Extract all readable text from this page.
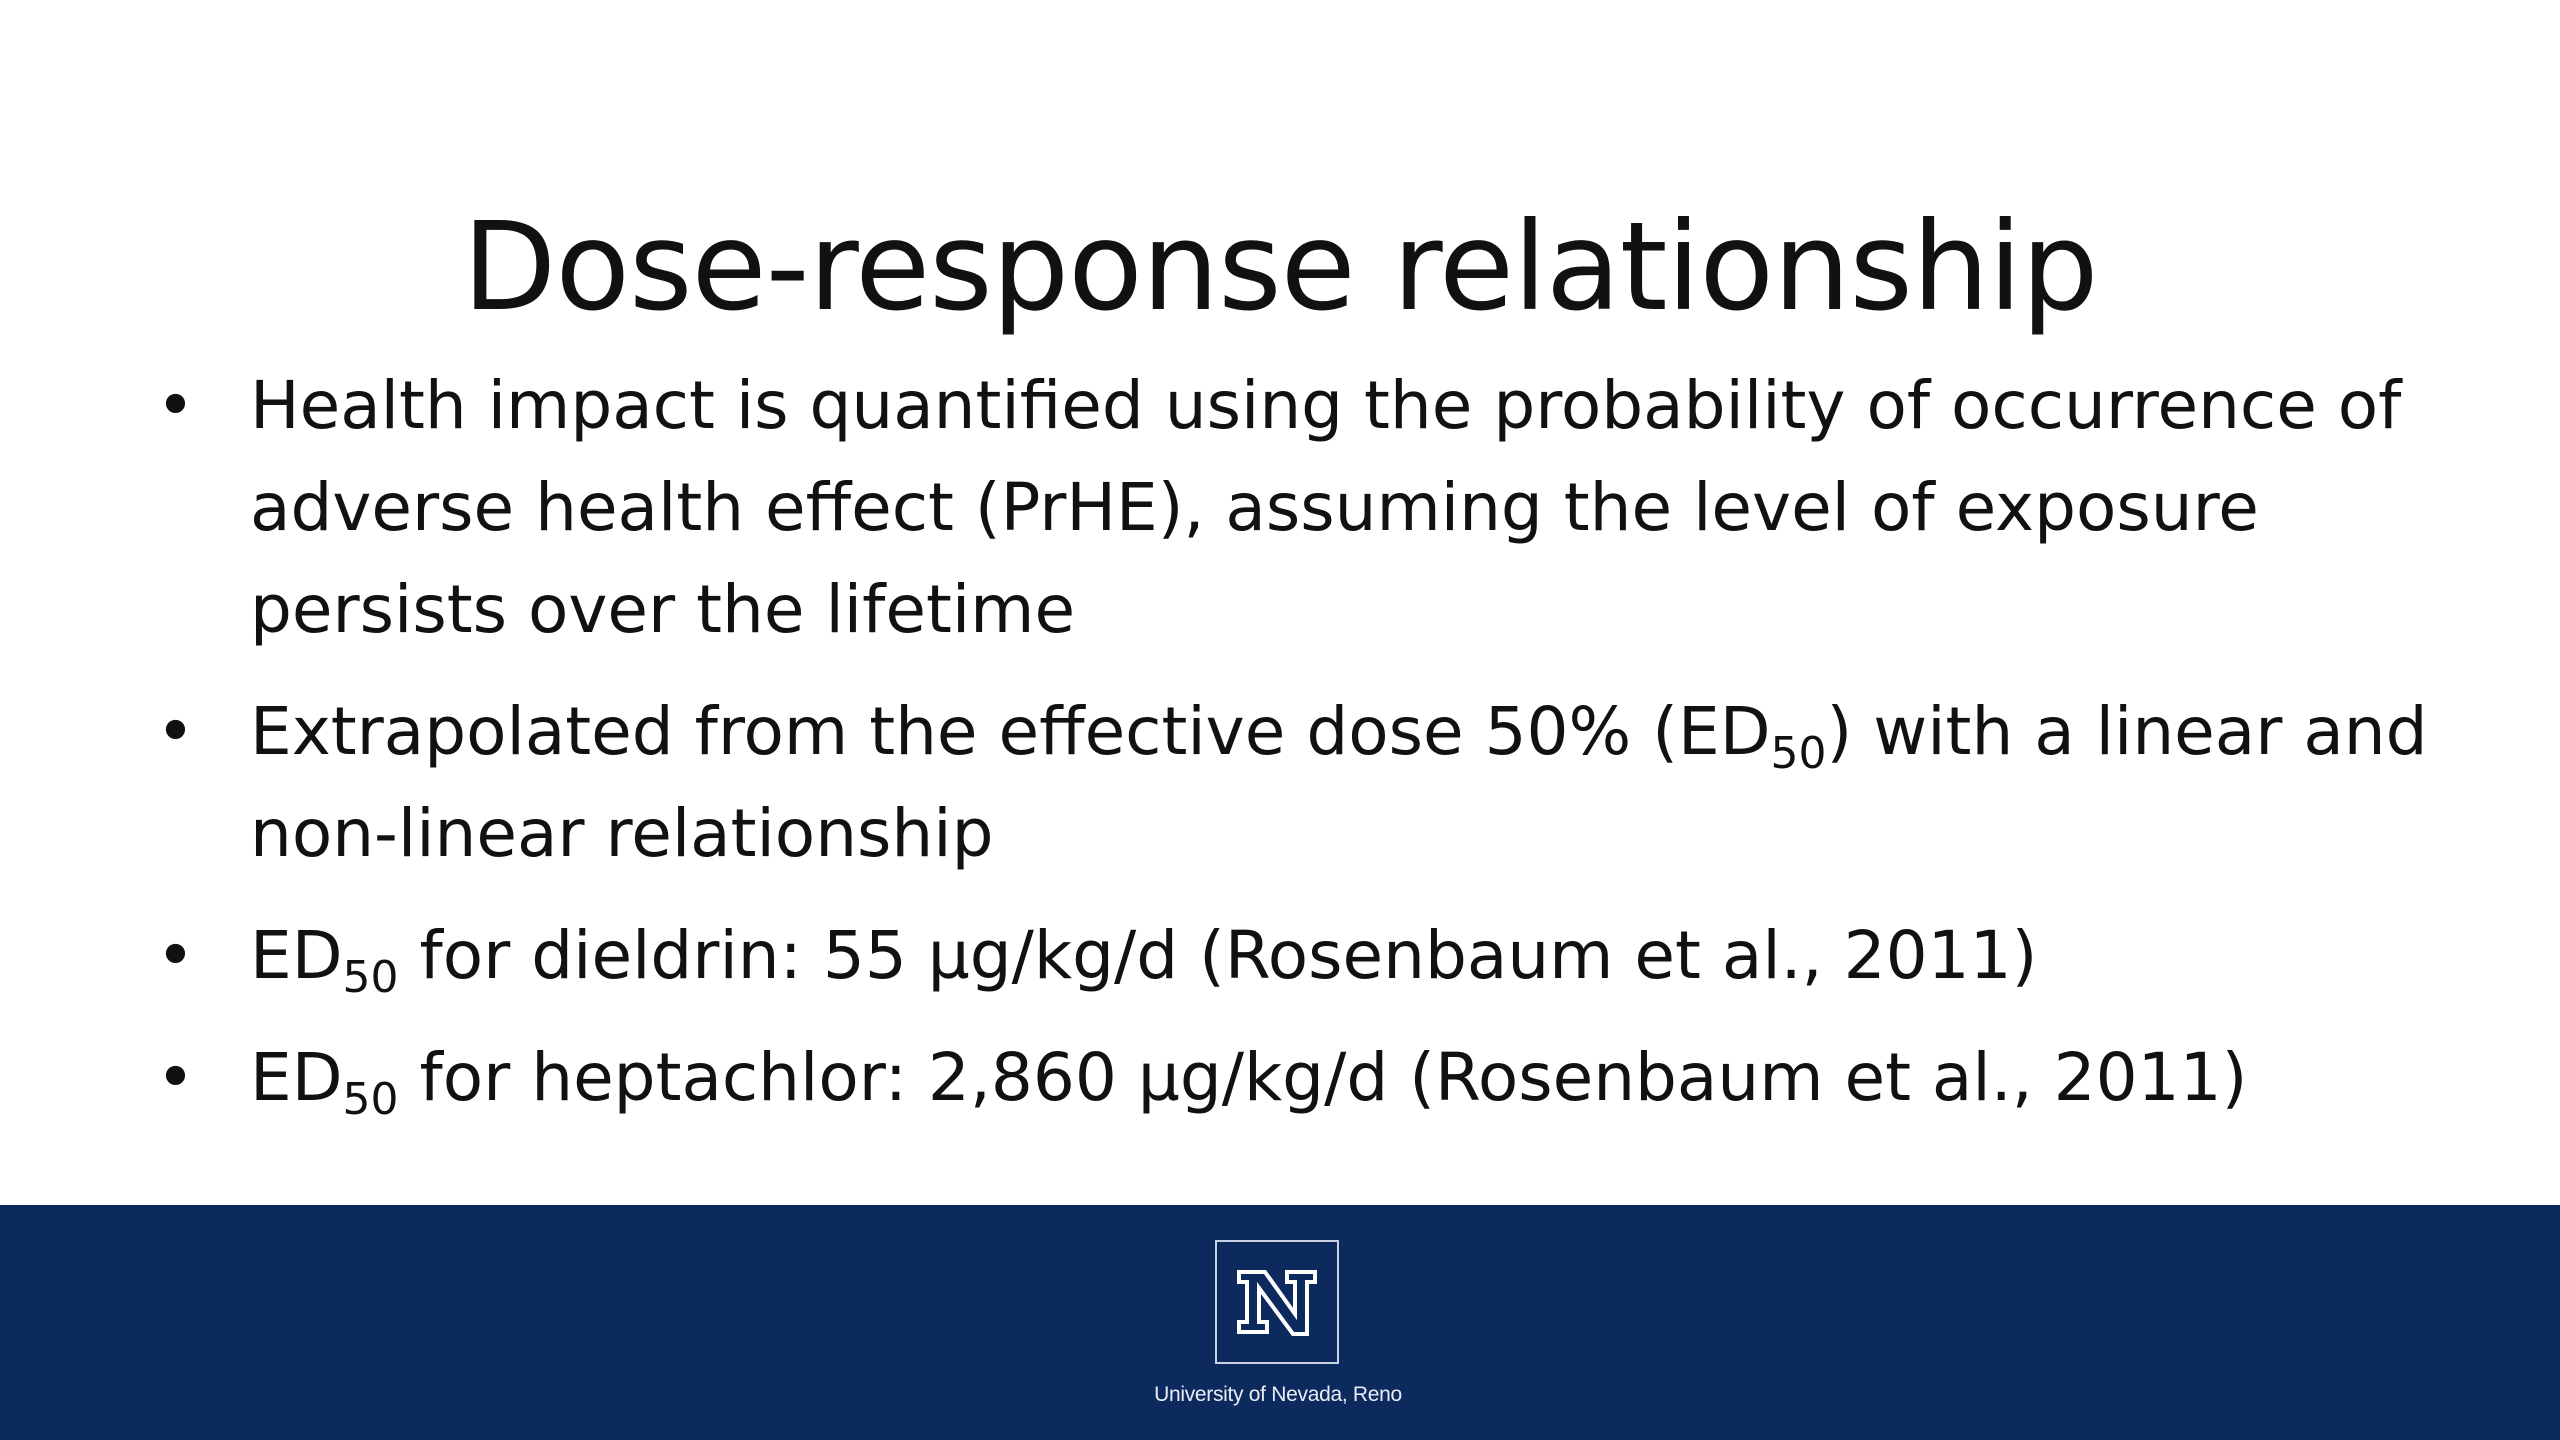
Dose-response relationship
• Health impact is quantified using the probability of occurrence of adverse health effect (PrHE), assuming the level of exposure persists over the lifetime
• Extrapolated from the effective dose 50% $(ED_{50})$ with a linear and non-linear relationship
• $ED_{50}$ for dieldrin: 55 µg/kg/d (Rosenbaum et al., 2011)
• $ED_{50}$ for heptachlor: 2,860 µg/kg/d (Rosenbaum et al., 2011)
University of Nevada, Reno
